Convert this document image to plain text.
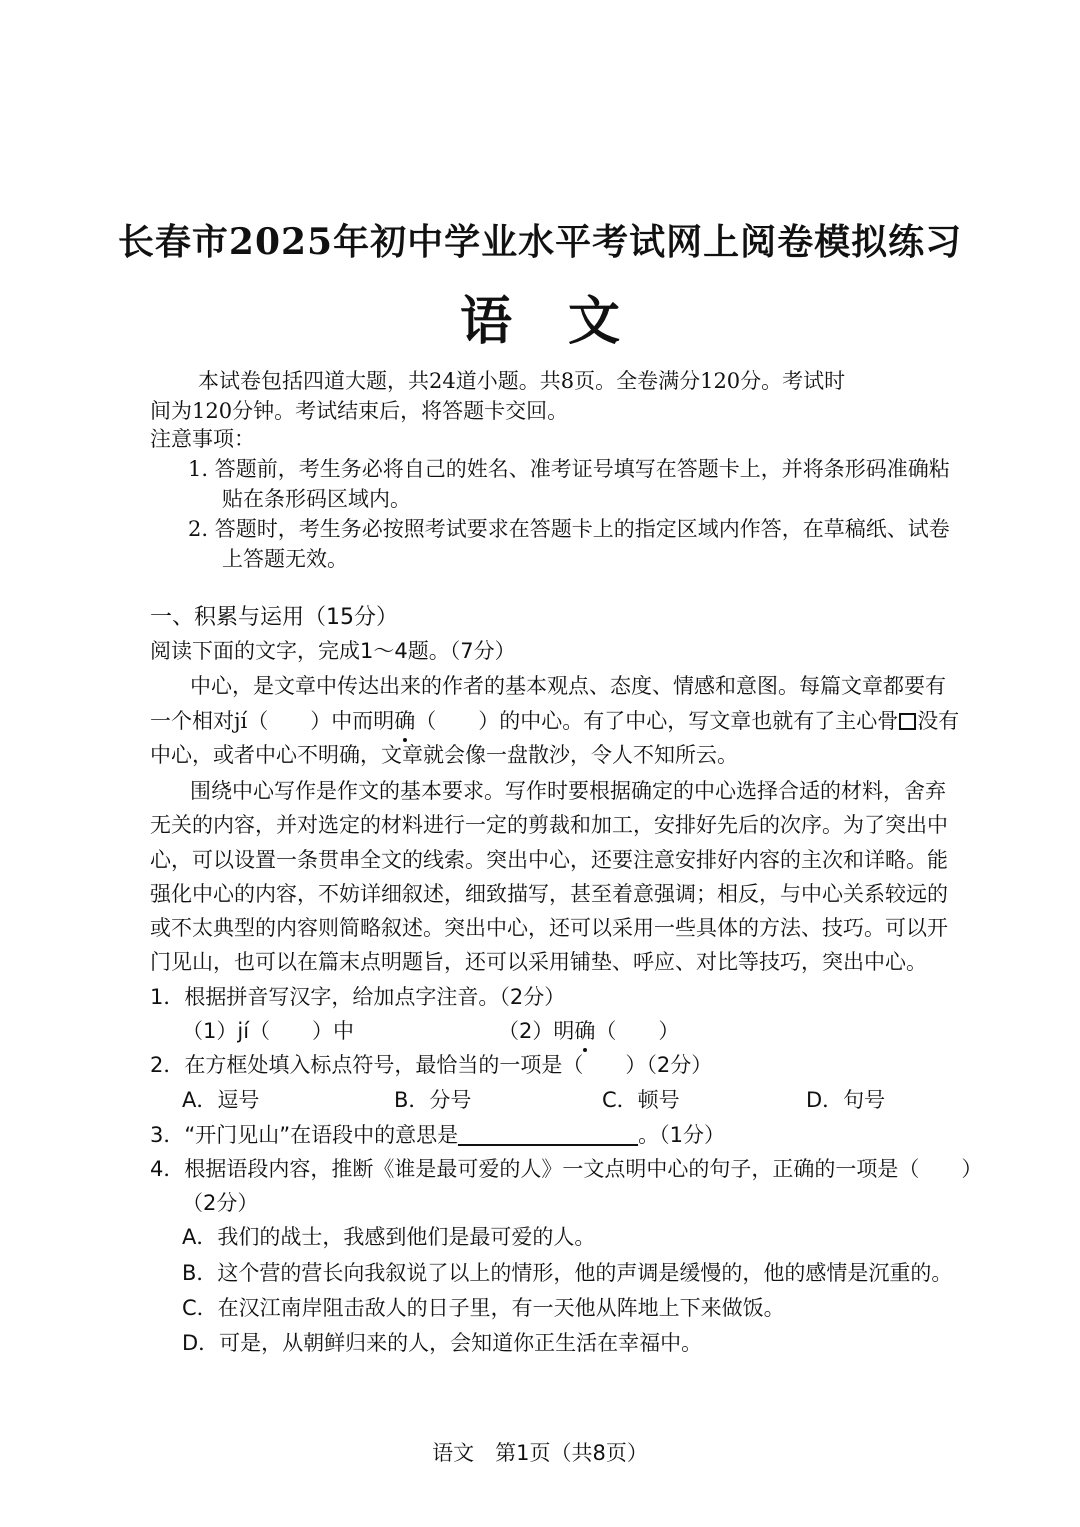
长春市2025年初中学业水平考试网上阅卷模拟练习
语 文
本试卷包括四道大题，共24道小题。共8页。全卷满分120分。考试时
间为120分钟。考试结束后，将答题卡交回。
注意事项：
1. 答题前，考生务必将自己的姓名、准考证号填写在答题卡上，并将条形码准确粘
贴在条形码区域内。
2. 答题时，考生务必按照考试要求在答题卡上的指定区域内作答，在草稿纸、试卷
上答题无效。
一、积累与运用（15分）
阅读下面的文字，完成1～4题。（7分）
中心，是文章中传达出来的作者的基本观点、态度、情感和意图。每篇文章都要有
一个相对jí（　　）中而明确（　　）的中心。有了中心，写文章也就有了主心骨 没有
中心，或者中心不明确，文章就会像一盘散沙，令人不知所云。
围绕中心写作是作文的基本要求。写作时要根据确定的中心选择合适的材料，舍弃
无关的内容，并对选定的材料进行一定的剪裁和加工，安排好先后的次序。为了突出中
心，可以设置一条贯串全文的线索。突出中心，还要注意安排好内容的主次和详略。能
强化中心的内容，不妨详细叙述，细致描写，甚至着意强调；相反，与中心关系较远的
或不太典型的内容则简略叙述。突出中心，还可以采用一些具体的方法、技巧。可以开
门见山，也可以在篇末点明题旨，还可以采用铺垫、呼应、对比等技巧，突出中心。
1．根据拼音写汉字，给加点字注音。（2分）
（1）jí（　　）中	（2）明确（　　）
2．在方框处填入标点符号，最恰当的一项是（　　）（2分）
A．逗号	B．分号	C．顿号	D．句号
3．“开门见山”在语段中的意思是	。（1分）
4．根据语段内容，推断《谁是最可爱的人》一文点明中心的句子，正确的一项是（　　）
（2分）
A．我们的战士，我感到他们是最可爱的人。
B．这个营的营长向我叙说了以上的情形，他的声调是缓慢的，他的感情是沉重的。
C．在汉江南岸阻击敌人的日子里，有一天他从阵地上下来做饭。
D．可是，从朝鲜归来的人，会知道你正生活在幸福中。
语文　第1页（共8页）
